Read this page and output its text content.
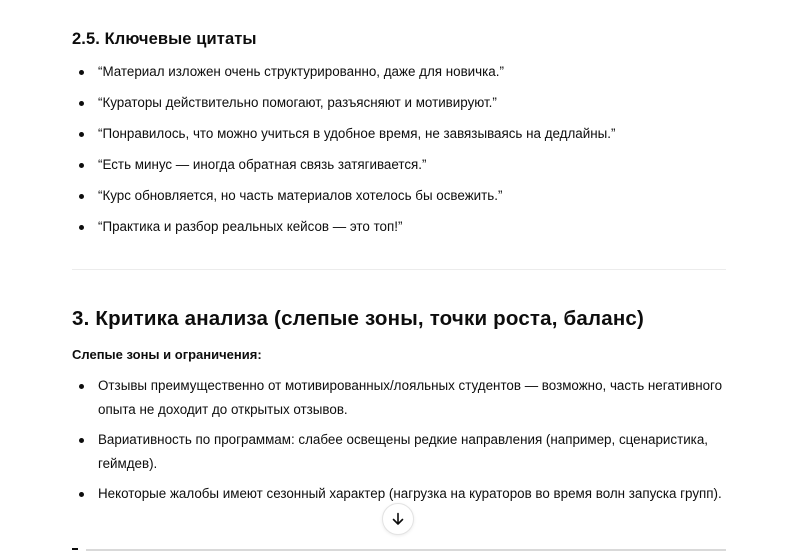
2.5. Ключевые цитаты
“Материал изложен очень структурированно, даже для новичка.”
“Кураторы действительно помогают, разъясняют и мотивируют.”
“Понравилось, что можно учиться в удобное время, не завязываясь на дедлайны.”
“Есть минус — иногда обратная связь затягивается.”
“Курс обновляется, но часть материалов хотелось бы освежить.”
“Практика и разбор реальных кейсов — это топ!”
3. Критика анализа (слепые зоны, точки роста, баланс)

Слепые зоны и ограничения:

Отзывы преимущественно от мотивированных/лояльных студентов — возможно, часть негативного опыта не доходит до открытых отзывов.
Вариативность по программам: слабее освещены редкие направления (например, сценаристика, геймдев).
Некоторые жалобы имеют сезонный характер (нагрузка на кураторов во время волн запуска групп).
